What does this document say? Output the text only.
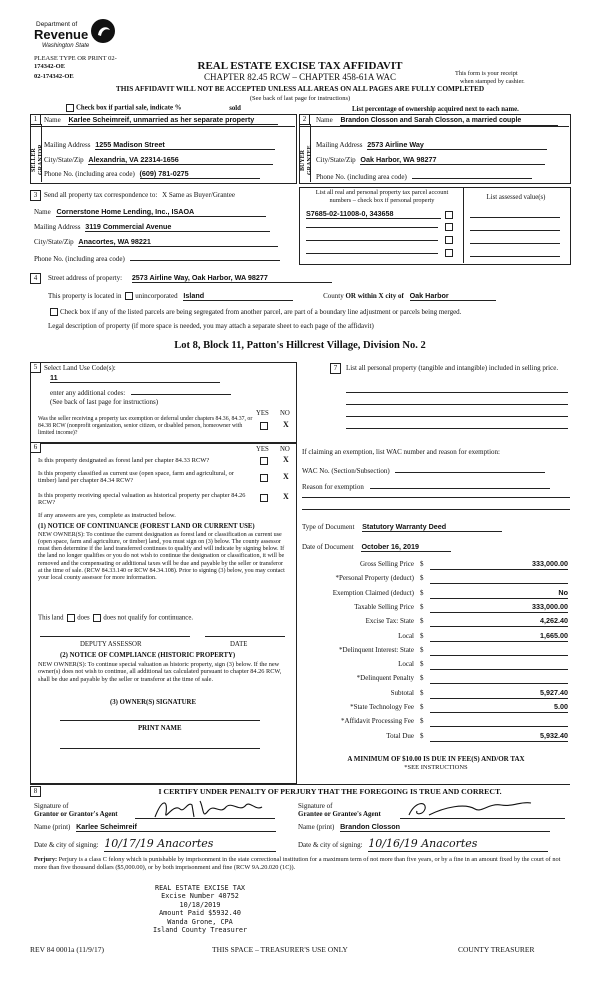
Department of
Revenue
Washington State
PLEASE TYPE OR PRINT 02-
174342-OE
02-174342-OE
REAL ESTATE EXCISE TAX AFFIDAVIT
CHAPTER 82.45 RCW – CHAPTER 458-61A WAC	This form is your receipt
when stamped by cashier.
THIS AFFIDAVIT WILL NOT BE ACCEPTED UNLESS ALL AREAS ON ALL PAGES ARE FULLY COMPLETED
(See back of last page for instructions)
Check box if partial sale, indicate %	sold	List percentage of ownership acquired next to each name.
1
SELLER GRANTOR
Name Karlee Scheimreif, unmarried as her separate property
Mailing Address 1255 Madison Street
City/State/Zip Alexandria, VA 22314-1656
Phone No. (including area code) (609) 781-0275
2
BUYER GRANTEE
Name Brandon Closson and Sarah Closson, a married couple
Mailing Address 2573 Airline Way
City/State/Zip Oak Harbor, WA 98277
Phone No. (including area code)
3 Send all property tax correspondence to: X Same as Buyer/Grantee
Name Cornerstone Home Lending, Inc., ISAOA
Mailing Address 3119 Commercial Avenue
City/State/Zip Anacortes, WA 98221
Phone No. (including area code)
List all real and personal property tax parcel account
numbers – check box if personal property	List assessed value(s)
S7685-02-11008-0, 343658
4	Street address of property: 2573 Airline Way, Oak Harbor, WA 98277
This property is located in unincorporated Island	County OR within X city of Oak Harbor
Check box if any of the listed parcels are being segregated from another parcel, are part of a boundary line adjustment or parcels being merged.
Legal description of property (if more space is needed, you may attach a separate sheet to each page of the affidavit)
Lot 8, Block 11, Patton's Hillcrest Village, Division No. 2
5 Select Land Use Code(s):
11
enter any additional codes:
(See back of last page for instructions)
YES NO
Was the seller receiving a property tax exemption or deferral under chapters 84.36, 84.37, or 84.38 RCW (nonprofit organization, senior citizen, or disabled person, homeowner with limited income)?
X
6	YES NO
Is this property designated as forest land per chapter 84.33 RCW?	X
Is this property classified as current use (open space, farm and agricultural, or timber) land per chapter 84.34 RCW?	X
Is this property receiving special valuation as historical property per chapter 84.26 RCW?
X
If any answers are yes, complete as instructed below.
(1) NOTICE OF CONTINUANCE (FOREST LAND OR CURRENT USE)
NEW OWNER(S): To continue the current designation as forest land or classification as current use (open space, farm and agriculture, or timber) land, you must sign on (3) below. The county assessor must then determine if the land transferred continues to qualify and will indicate by signing below. If the land no longer qualifies or you do not wish to continue the designation or classification, it will be removed and the compensating or additional taxes will be due and payable by the seller or transferor at the time of sale. (RCW 84.33.140 or RCW 84.34.108). Prior to signing (3) below, you may contact your local county assessor for more information.
This land does does not qualify for continuance.
DEPUTY ASSESSOR	DATE
(2) NOTICE OF COMPLIANCE (HISTORIC PROPERTY)
NEW OWNER(S): To continue special valuation as historic property, sign (3) below. If the new owner(s) does not wish to continue, all additional tax calculated pursuant to chapter 84.26 RCW, shall be due and payable by the seller or transferor at the time of sale.
(3) OWNER(S) SIGNATURE
PRINT NAME
7	List all personal property (tangible and intangible) included in selling price.
If claiming an exemption, list WAC number and reason for exemption:
WAC No. (Section/Subsection)
Reason for exemption
Type of Document Statutory Warranty Deed
Date of Document October 16, 2019
Gross Selling Price $	333,000.00
*Personal Property (deduct) $
Exemption Claimed (deduct) $	No
Taxable Selling Price $	333,000.00
Excise Tax: State $	4,262.40
Local $	1,665.00
*Delinquent Interest: State $
Local $
*Delinquent Penalty $
Subtotal $	5,927.40
*State Technology Fee $	5.00
*Affidavit Processing Fee $
Total Due $	5,932.40
A MINIMUM OF $10.00 IS DUE IN FEE(S) AND/OR TAX
*SEE INSTRUCTIONS
8	I CERTIFY UNDER PENALTY OF PERJURY THAT THE FOREGOING IS TRUE AND CORRECT.
Signature of
Grantor or Grantor's Agent
Name (print) Karlee Scheimreif
Date & city of signing: 10/17/19 Anacortes
Signature of
Grantee or Grantee's Agent
Name (print) Brandon Closson
Date & city of signing: 10/16/19 Anacortes
Perjury: Perjury is a class C felony which is punishable by imprisonment in the state correctional institution for a maximum term of not more than five years, or by a fine in an amount fixed by the court of not more than five thousand dollars ($5,000.00), or by both imprisonment and fine (RCW 9A.20.020 (1C)).
REAL ESTATE EXCISE TAX
Excise Number 40752
10/18/2019
Amount Paid $5932.40
Wanda Grone, CPA
Island County Treasurer
REV 84 0001a (11/9/17)	THIS SPACE – TREASURER'S USE ONLY	COUNTY TREASURER
